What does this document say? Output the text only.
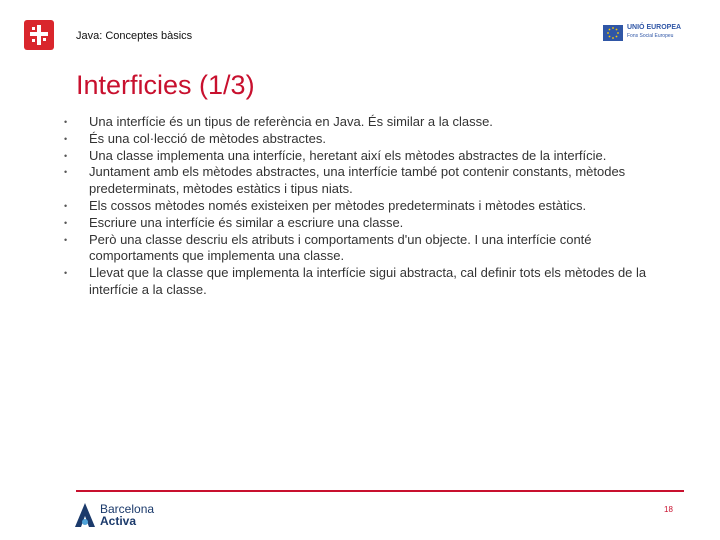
Java: Conceptes bàsics
UNIÓ EUROPEA
Fons Social Europeu
Interficies (1/3)
• Una interfície és un tipus de referència en Java. És similar a la classe.
• És una col·lecció de mètodes abstractes.
• Una classe implementa una interfície, heretant així els mètodes abstractes de la interfície.
• Juntament amb els mètodes abstractes, una interfície també pot contenir constants, mètodes predeterminats, mètodes estàtics i tipus niats.
• Els cossos mètodes només existeixen per mètodes predeterminats i mètodes estàtics.
• Escriure una interfície és similar a escriure una classe.
• Però una classe descriu els atributs i comportaments d'un objecte. I una interfície conté comportaments que implementa una classe.
• Llevat que la classe que implementa la interfície sigui abstracta, cal definir tots els mètodes de la interfície a la classe.
Barcelona
Activa
18
